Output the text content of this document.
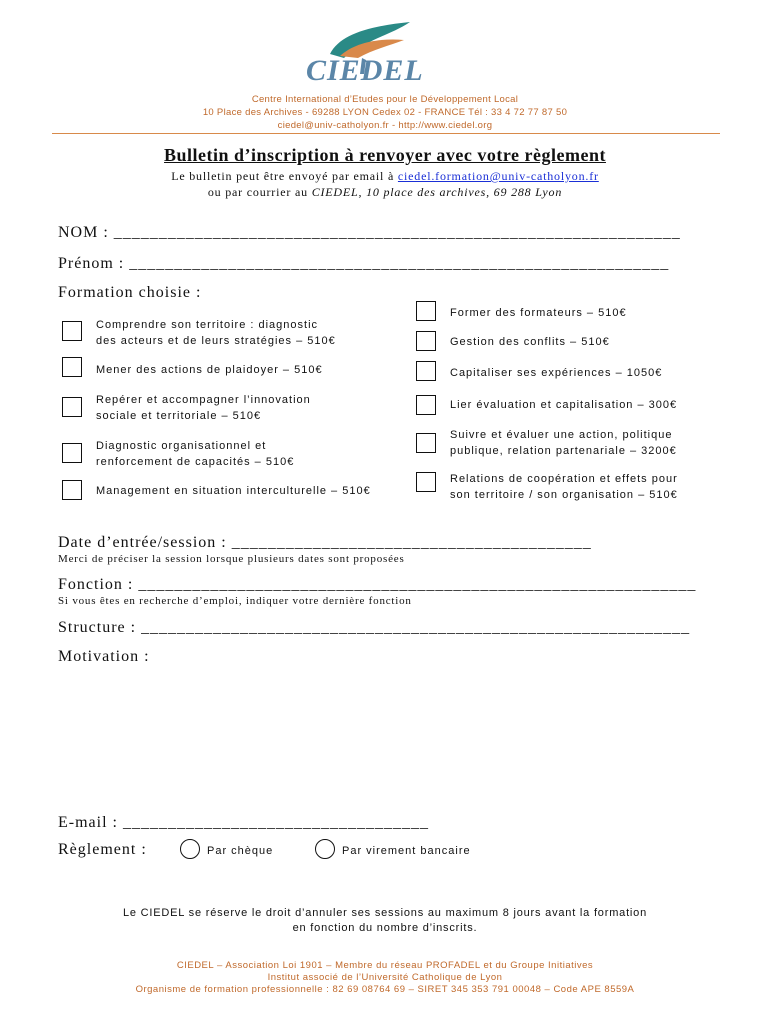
CIEDEL
Centre International d’Etudes pour le Développement Local
10 Place des Archives - 69288 LYON Cedex 02 - FRANCE Tél : 33 4 72 77 87 50
ciedel@univ-catholyon.fr - http://www.ciedel.org
Bulletin d’inscription à renvoyer avec votre règlement
Le bulletin peut être envoyé par email à ciedel.formation@univ-catholyon.fr
ou par courrier au CIEDEL, 10 place des archives, 69 288 Lyon
NOM : _______________________________________________________________
Prénom : ____________________________________________________________
Formation choisie :
Comprendre son territoire : diagnostic
des acteurs et de leurs stratégies – 510€
Mener des actions de plaidoyer – 510€
Repérer et accompagner l’innovation
sociale et territoriale – 510€
Diagnostic organisationnel et
renforcement de capacités – 510€
Management en situation interculturelle – 510€
Former des formateurs – 510€
Gestion des conflits – 510€
Capitaliser ses expériences – 1050€
Lier évaluation et capitalisation – 300€
Suivre et évaluer une action, politique
publique, relation partenariale – 3200€
Relations de coopération et effets pour
son territoire / son organisation – 510€
Date d’entrée/session : ________________________________________
Merci de préciser la session lorsque plusieurs dates sont proposées
Fonction : ______________________________________________________________
Si vous êtes en recherche d’emploi, indiquer votre dernière fonction
Structure : _____________________________________________________________
Motivation :
E-mail : __________________________________
Règlement :	Par chèque	Par virement bancaire
Le CIEDEL se réserve le droit d’annuler ses sessions au maximum 8 jours avant la formation
en fonction du nombre d’inscrits.
CIEDEL – Association Loi 1901 – Membre du réseau PROFADEL et du Groupe Initiatives
Institut associé de l’Université Catholique de Lyon
Organisme de formation professionnelle : 82 69 08764 69 – SIRET 345 353 791 00048 – Code APE 8559A
